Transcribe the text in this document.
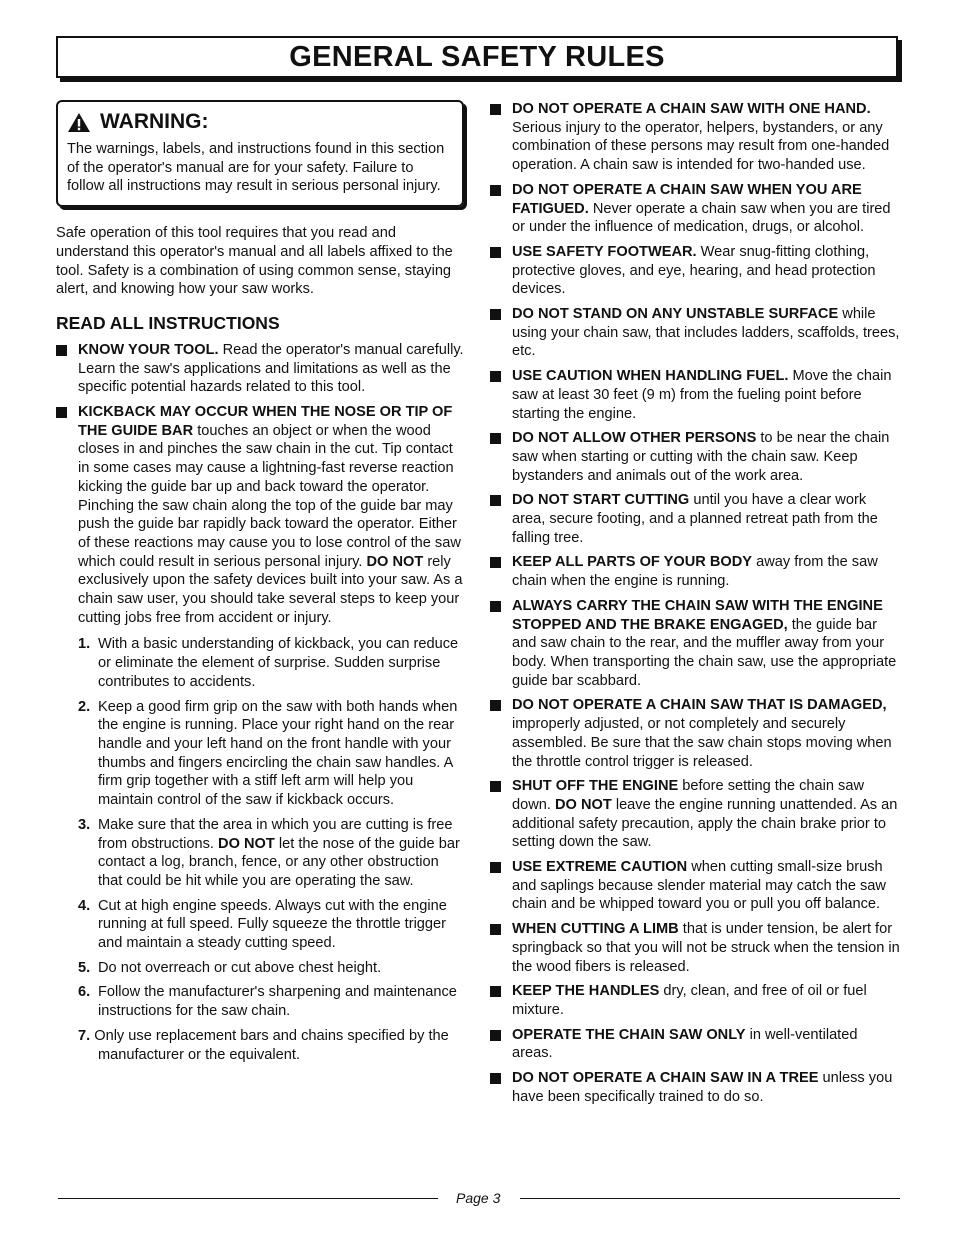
GENERAL SAFETY RULES
WARNING:

The warnings, labels, and instructions found in this section of the operator's manual are for your safety. Failure to follow all instructions may result in serious personal injury.

Safe operation of this tool requires that you read and understand this operator's manual and all labels affixed to the tool. Safety is a combination of using common sense, staying alert, and knowing how your saw works.

READ ALL INSTRUCTIONS
KNOW YOUR TOOL. Read the operator's manual carefully. Learn the saw's applications and limitations as well as the specific potential hazards related to this tool.
KICKBACK MAY OCCUR WHEN THE NOSE OR TIP OF THE GUIDE BAR touches an object or when the wood closes in and pinches the saw chain in the cut. Tip contact in some cases may cause a lightning-fast reverse reaction kicking the guide bar up and back toward the operator. Pinching the saw chain along the top of the guide bar may push the guide bar rapidly back toward the operator. Either of these reactions may cause you to lose control of the saw which could result in serious personal injury. DO NOT rely exclusively upon the safety devices built into your saw. As a chain saw user, you should take several steps to keep your cutting jobs free from accident or injury.
1. With a basic understanding of kickback, you can reduce or eliminate the element of surprise. Sudden surprise contributes to accidents.
2. Keep a good firm grip on the saw with both hands when the engine is running. Place your right hand on the rear handle and your left hand on the front handle with your thumbs and fingers encircling the chain saw handles. A firm grip together with a stiff left arm will help you maintain control of the saw if kickback occurs.
3. Make sure that the area in which you are cutting is free from obstructions. DO NOT let the nose of the guide bar contact a log, branch, fence, or any other obstruction that could be hit while you are operating the saw.
4. Cut at high engine speeds. Always cut with the engine running at full speed. Fully squeeze the throttle trigger and maintain a steady cutting speed.
5. Do not overreach or cut above chest height.
6. Follow the manufacturer's sharpening and maintenance instructions for the saw chain.
7. Only use replacement bars and chains specified by the manufacturer or the equivalent.
DO NOT OPERATE A CHAIN SAW WITH ONE HAND. Serious injury to the operator, helpers, bystanders, or any combination of these persons may result from one-handed operation. A chain saw is intended for two-handed use.
DO NOT OPERATE A CHAIN SAW WHEN YOU ARE FATIGUED. Never operate a chain saw when you are tired or under the influence of medication, drugs, or alcohol.
USE SAFETY FOOTWEAR. Wear snug-fitting clothing, protective gloves, and eye, hearing, and head protection devices.
DO NOT STAND ON ANY UNSTABLE SURFACE while using your chain saw, that includes ladders, scaffolds, trees, etc.
USE CAUTION WHEN HANDLING FUEL. Move the chain saw at least 30 feet (9 m) from the fueling point before starting the engine.
DO NOT ALLOW OTHER PERSONS to be near the chain saw when starting or cutting with the chain saw. Keep bystanders and animals out of the work area.
DO NOT START CUTTING until you have a clear work area, secure footing, and a planned retreat path from the falling tree.
KEEP ALL PARTS OF YOUR BODY away from the saw chain when the engine is running.
ALWAYS CARRY THE CHAIN SAW WITH THE ENGINE STOPPED AND THE BRAKE ENGAGED, the guide bar and saw chain to the rear, and the muffler away from your body. When transporting the chain saw, use the appropriate guide bar scabbard.
DO NOT OPERATE A CHAIN SAW THAT IS DAMAGED, improperly adjusted, or not completely and securely assembled. Be sure that the saw chain stops moving when the throttle control trigger is released.
SHUT OFF THE ENGINE before setting the chain saw down. DO NOT leave the engine running unattended. As an additional safety precaution, apply the chain brake prior to setting down the saw.
USE EXTREME CAUTION when cutting small-size brush and saplings because slender material may catch the saw chain and be whipped toward you or pull you off balance.
WHEN CUTTING A LIMB that is under tension, be alert for springback so that you will not be struck when the tension in the wood fibers is released.
KEEP THE HANDLES dry, clean, and free of oil or fuel mixture.
OPERATE THE CHAIN SAW ONLY in well-ventilated areas.
DO NOT OPERATE A CHAIN SAW IN A TREE unless you have been specifically trained to do so.
Page 3
